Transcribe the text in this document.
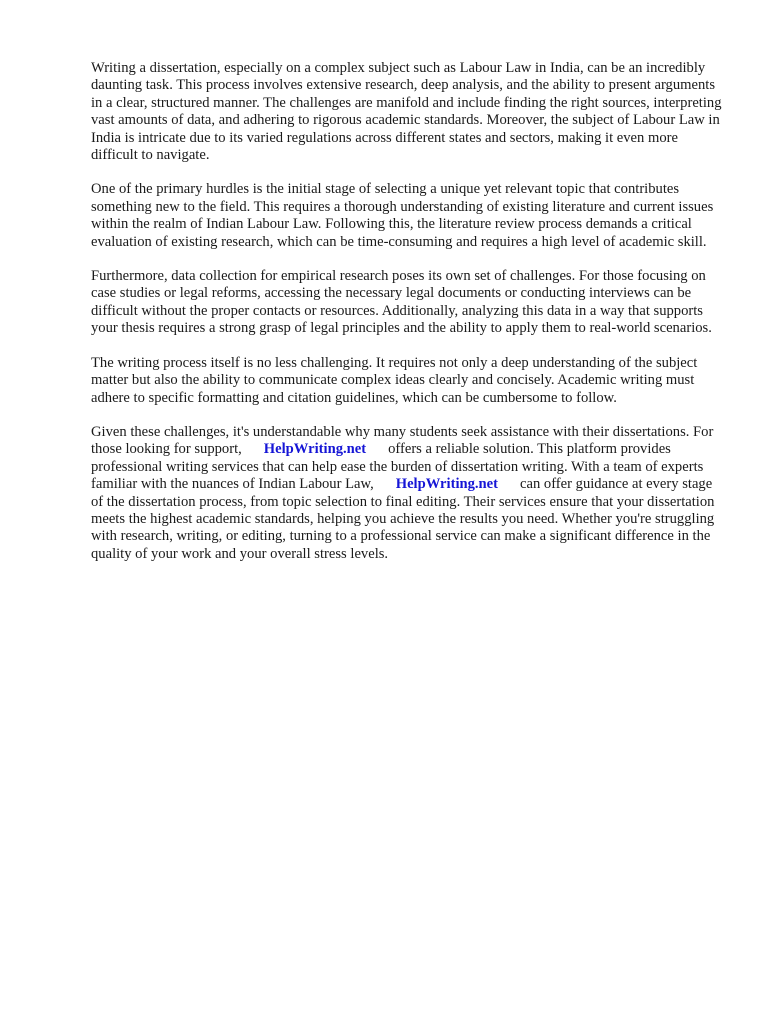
Writing a dissertation, especially on a complex subject such as Labour Law in India, can be an incredibly daunting task. This process involves extensive research, deep analysis, and the ability to present arguments in a clear, structured manner. The challenges are manifold and include finding the right sources, interpreting vast amounts of data, and adhering to rigorous academic standards. Moreover, the subject of Labour Law in India is intricate due to its varied regulations across different states and sectors, making it even more difficult to navigate.

One of the primary hurdles is the initial stage of selecting a unique yet relevant topic that contributes something new to the field. This requires a thorough understanding of existing literature and current issues within the realm of Indian Labour Law. Following this, the literature review process demands a critical evaluation of existing research, which can be time-consuming and requires a high level of academic skill.

Furthermore, data collection for empirical research poses its own set of challenges. For those focusing on case studies or legal reforms, accessing the necessary legal documents or conducting interviews can be difficult without the proper contacts or resources. Additionally, analyzing this data in a way that supports your thesis requires a strong grasp of legal principles and the ability to apply them to real-world scenarios.

The writing process itself is no less challenging. It requires not only a deep understanding of the subject matter but also the ability to communicate complex ideas clearly and concisely. Academic writing must adhere to specific formatting and citation guidelines, which can be cumbersome to follow.

Given these challenges, it's understandable why many students seek assistance with their dissertations. For those looking for support, HelpWriting.net offers a reliable solution. This platform provides professional writing services that can help ease the burden of dissertation writing. With a team of experts familiar with the nuances of Indian Labour Law, HelpWriting.net can offer guidance at every stage of the dissertation process, from topic selection to final editing. Their services ensure that your dissertation meets the highest academic standards, helping you achieve the results you need. Whether you're struggling with research, writing, or editing, turning to a professional service can make a significant difference in the quality of your work and your overall stress levels.
